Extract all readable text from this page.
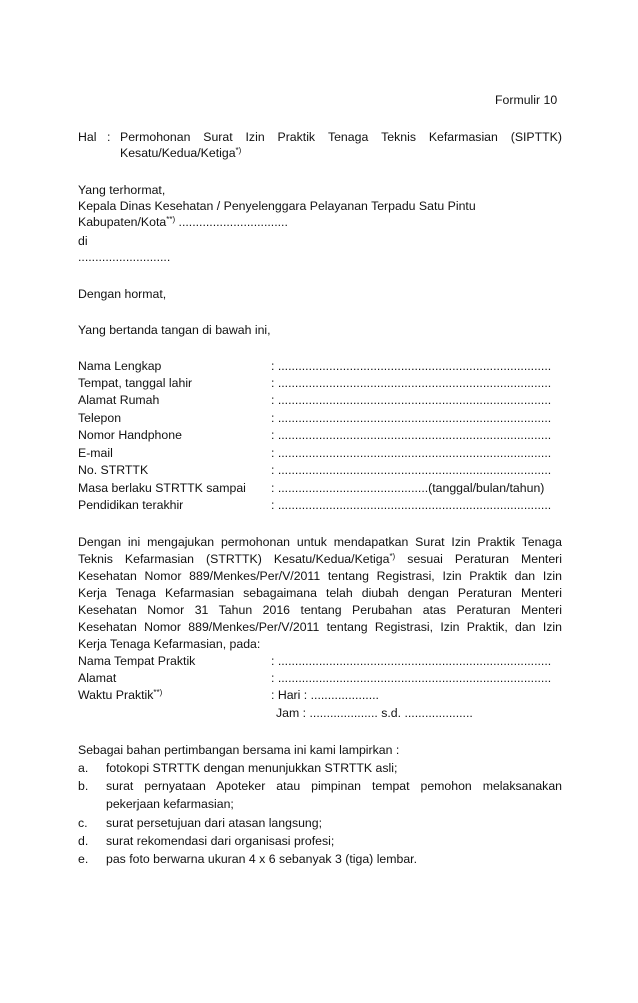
Formulir 10
Hal : Permohonan Surat Izin Praktik Tenaga Teknis Kefarmasian (SIPTTK)
Kesatu/Kedua/Ketiga*)
Yang terhormat,
Kepala Dinas Kesehatan / Penyelenggara Pelayanan Terpadu Satu Pintu
Kabupaten/Kota**) ................................
di
...........................
Dengan hormat,
Yang bertanda tangan di bawah ini,
Nama Lengkap	: ................................................................................
Tempat, tanggal lahir	: ................................................................................
Alamat Rumah	: ................................................................................
Telepon	: ................................................................................
Nomor Handphone	: ................................................................................
E-mail	: ................................................................................
No. STRTTK	: ................................................................................
Masa berlaku STRTTK sampai : ............................................(tanggal/bulan/tahun)
Pendidikan terakhir	: ................................................................................
Dengan ini mengajukan permohonan untuk mendapatkan Surat Izin Praktik Tenaga
Teknis Kefarmasian (STRTTK) Kesatu/Kedua/Ketiga*) sesuai Peraturan Menteri
Kesehatan Nomor 889/Menkes/Per/V/2011 tentang Registrasi, Izin Praktik dan Izin
Kerja Tenaga Kefarmasian sebagaimana telah diubah dengan Peraturan Menteri
Kesehatan Nomor 31 Tahun 2016 tentang Perubahan atas Peraturan Menteri
Kesehatan Nomor 889/Menkes/Per/V/2011 tentang Registrasi, Izin Praktik, dan Izin
Kerja Tenaga Kefarmasian, pada:
Nama Tempat Praktik	: ................................................................................
Alamat	: ................................................................................
Waktu Praktik**)	: Hari : ....................
Jam : .................... s.d. ....................
Sebagai bahan pertimbangan bersama ini kami lampirkan :
a. fotokopi STRTTK dengan menunjukkan STRTTK asli;
b. surat pernyataan Apoteker atau pimpinan tempat pemohon melaksanakan
pekerjaan kefarmasian;
c. surat persetujuan dari atasan langsung;
d. surat rekomendasi dari organisasi profesi;
e. pas foto berwarna ukuran 4 x 6 sebanyak 3 (tiga) lembar.
